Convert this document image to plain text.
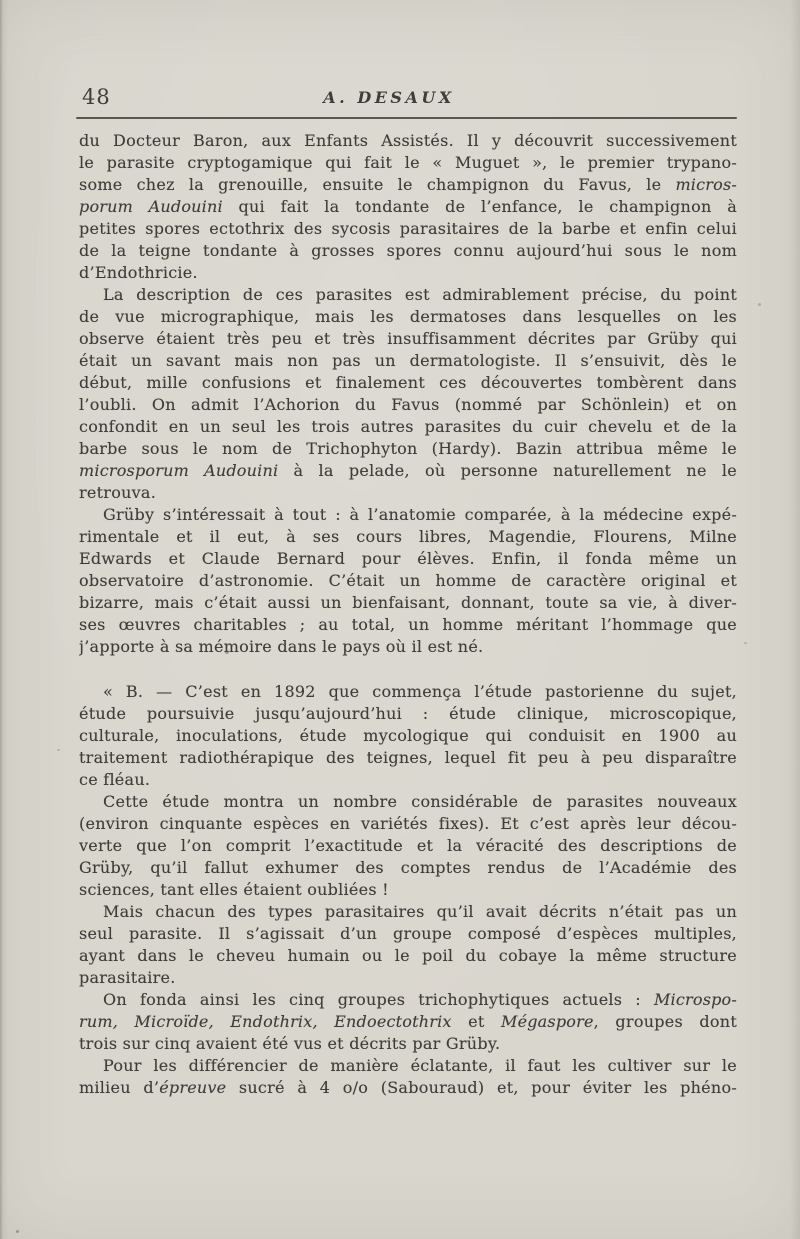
48	A. DESAUX
du Docteur Baron, aux Enfants Assistés. Il y découvrit successivement
le parasite cryptogamique qui fait le « Muguet », le premier trypano-
some chez la grenouille, ensuite le champignon du Favus, le micros-
porum Audouini qui fait la tondante de l’enfance, le champignon à
petites spores ectothrix des sycosis parasitaires de la barbe et enfin celui
de la teigne tondante à grosses spores connu aujourd’hui sous le nom
d’Endothricie.
La description de ces parasites est admirablement précise, du point
de vue micrographique, mais les dermatoses dans lesquelles on les
observe étaient très peu et très insuffisamment décrites par Grüby qui
était un savant mais non pas un dermatologiste. Il s’ensuivit, dès le
début, mille confusions et finalement ces découvertes tombèrent dans
l’oubli. On admit l’Achorion du Favus (nommé par Schönlein) et on
confondit en un seul les trois autres parasites du cuir chevelu et de la
barbe sous le nom de Trichophyton (Hardy). Bazin attribua même le
microsporum Audouini à la pelade, où personne naturellement ne le
retrouva.
Grüby s’intéressait à tout : à l’anatomie comparée, à la médecine expé-
rimentale et il eut, à ses cours libres, Magendie, Flourens, Milne
Edwards et Claude Bernard pour élèves. Enfin, il fonda même un
observatoire d’astronomie. C’était un homme de caractère original et
bizarre, mais c’était aussi un bienfaisant, donnant, toute sa vie, à diver-
ses œuvres charitables ; au total, un homme méritant l’hommage que
j’apporte à sa mémoire dans le pays où il est né.
« B. — C’est en 1892 que commença l’étude pastorienne du sujet,
étude poursuivie jusqu’aujourd’hui : étude clinique, microscopique,
culturale, inoculations, étude mycologique qui conduisit en 1900 au
traitement radiothérapique des teignes, lequel fit peu à peu disparaître
ce fléau.
Cette étude montra un nombre considérable de parasites nouveaux
(environ cinquante espèces en variétés fixes). Et c’est après leur décou-
verte que l’on comprit l’exactitude et la véracité des descriptions de
Grüby, qu’il fallut exhumer des comptes rendus de l’Académie des
sciences, tant elles étaient oubliées !
Mais chacun des types parasitaires qu’il avait décrits n’était pas un
seul parasite. Il s’agissait d’un groupe composé d’espèces multiples,
ayant dans le cheveu humain ou le poil du cobaye la même structure
parasitaire.
On fonda ainsi les cinq groupes trichophytiques actuels : Microspo-
rum, Microïde, Endothrix, Endoectothrix et Mégaspore, groupes dont
trois sur cinq avaient été vus et décrits par Grüby.
Pour les différencier de manière éclatante, il faut les cultiver sur le
milieu d’épreuve sucré à 4 o/o (Sabouraud) et, pour éviter les phéno-
